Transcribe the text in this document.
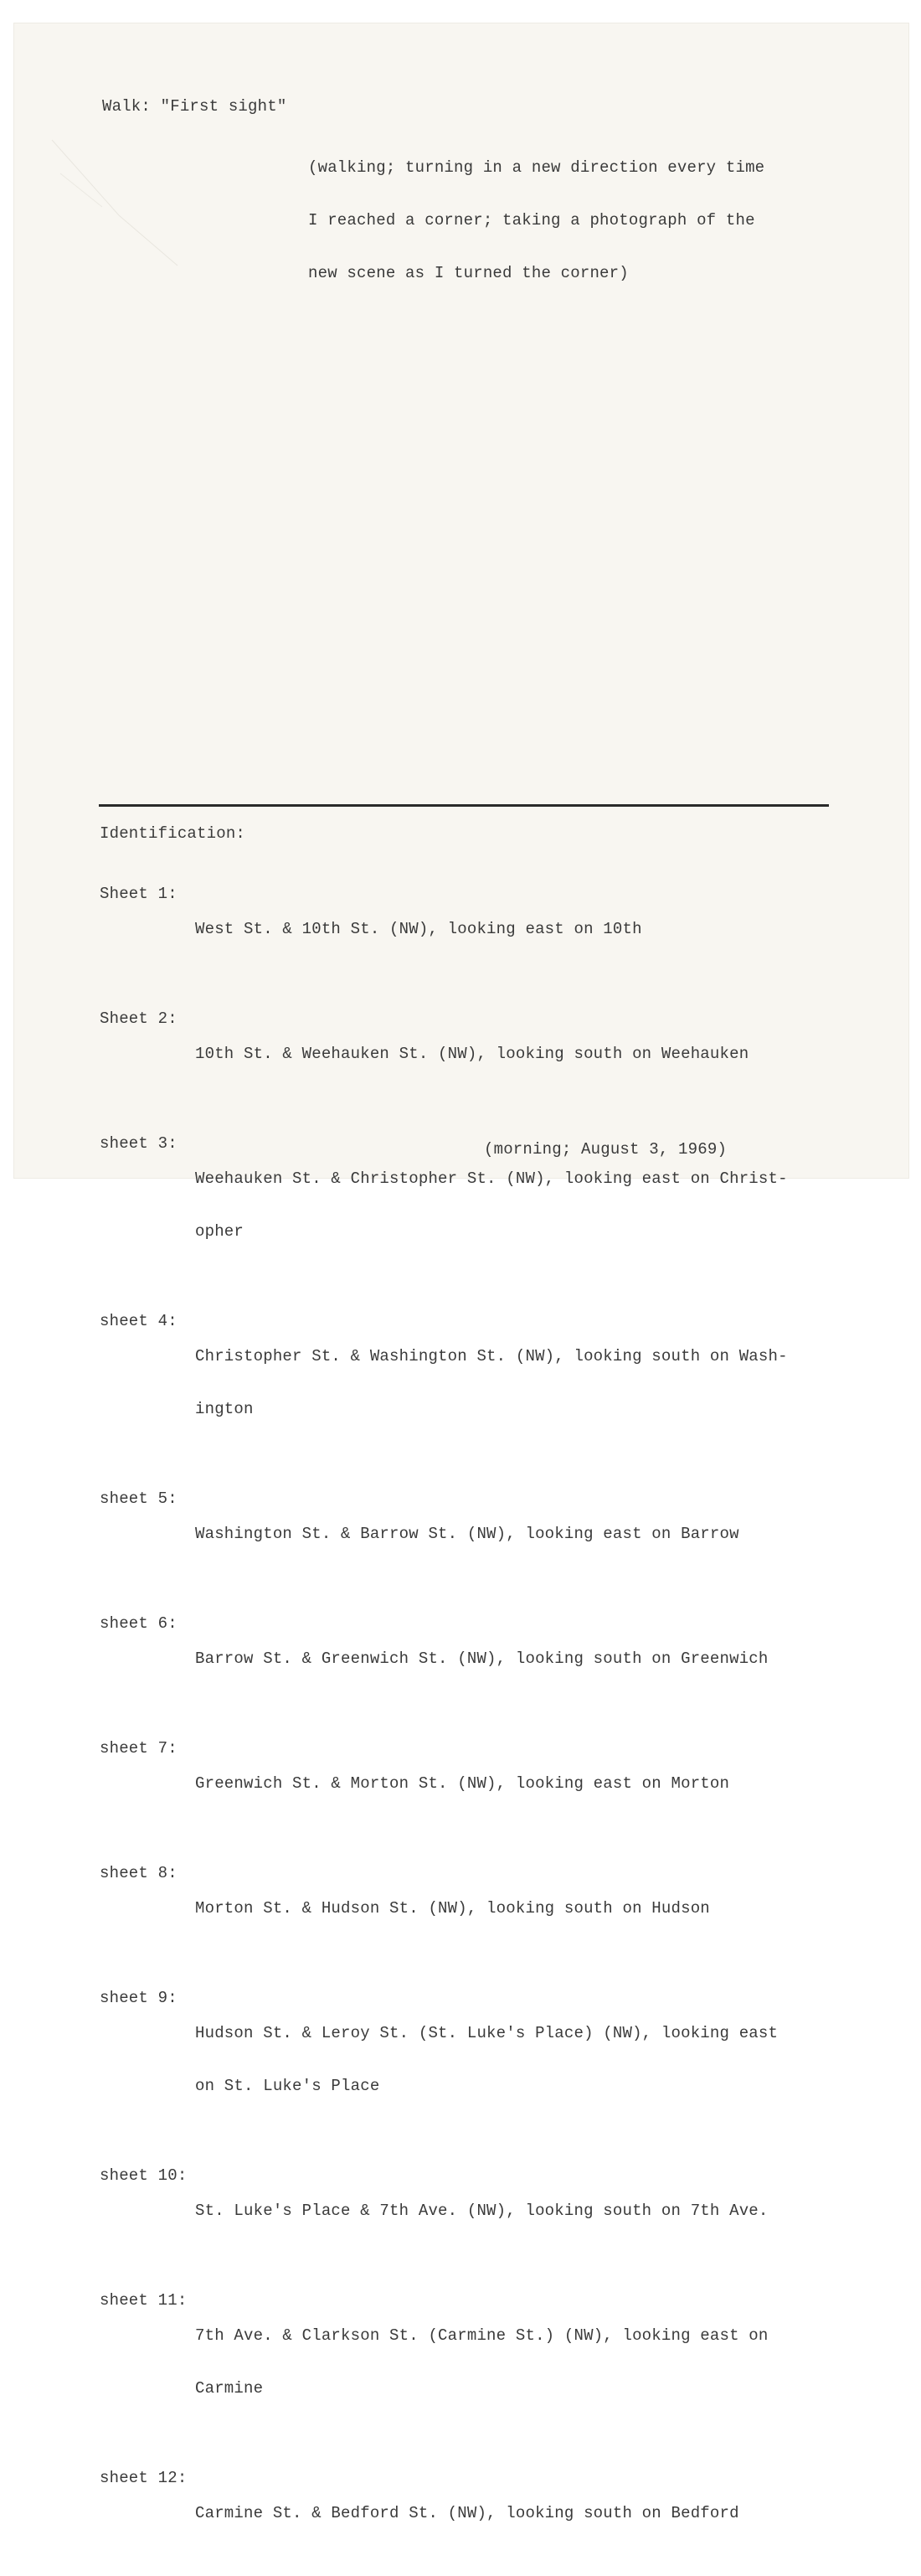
Walk: "First sight"

(walking; turning in a new direction every time

I reached a corner; taking a photograph of the

new scene as I turned the corner)

Identification:

Sheet 1:

West St. & 10th St. (NW), looking east on 10th

Sheet 2:

10th St. & Weehauken St. (NW), looking south on Weehauken

sheet 3:

Weehauken St. & Christopher St. (NW), looking east on Christ-

opher

sheet 4:

Christopher St. & Washington St. (NW), looking south on Wash-

ington

sheet 5:

Washington St. & Barrow St. (NW), looking east on Barrow

sheet 6:

Barrow St. & Greenwich St. (NW), looking south on Greenwich

sheet 7:

Greenwich St. & Morton St. (NW), looking east on Morton

sheet 8:

Morton St. & Hudson St. (NW), looking south on Hudson

sheet 9:

Hudson St. & Leroy St. (St. Luke's Place) (NW), looking east

on St. Luke's Place

sheet 10:

St. Luke's Place & 7th Ave. (NW), looking south on 7th Ave.

sheet 11:

7th Ave. & Clarkson St. (Carmine St.) (NW), looking east on

Carmine

sheet 12:

Carmine St. & Bedford St. (NW), looking south on Bedford

(morning; August 3, 1969)
